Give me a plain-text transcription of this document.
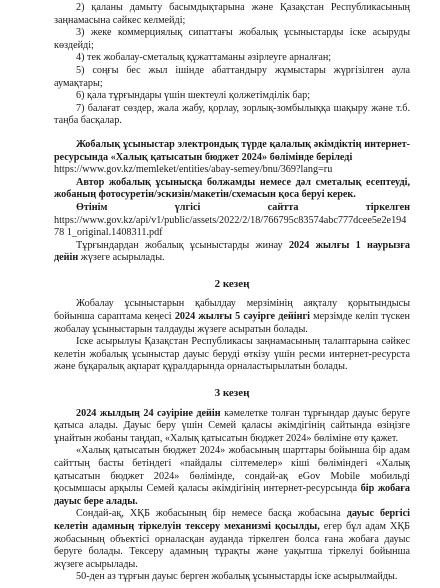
2) қаланы дамыту басымдықтарына және Қазақстан Республикасының заңнамасына сәйкес келмейді;

3) жеке коммерциялық сипаттағы жобалық ұсыныстарды іске асыруды көздейді;

4) тек жобалау-сметалық құжаттаманы әзірлеуге арналған;

5) соңғы бес жыл ішінде абаттандыру жұмыстары жүргізілген аула аумақтары;

6) қала тұрғындары үшін шектеулі қолжетімділік бар;

7) балағат сөздер, жала жабу, қорлау, зорлық-зомбылыққа шақыру және т.б. таңба басқалар.

Жобалық ұсыныстар электрондық түрде қалалық әкімдіктің интернет-ресурсында «Халық қатысатын бюджет 2024» бөлімінде беріледі

https://www.gov.kz/memleket/entities/abay-semey/bnu/369?lang=ru

Автор жобалық ұсынысқа болжамды немесе дәл сметалық есептеуді, жобаның фотосуретін/эскизін/макетін/схемасын қоса беруі керек.

Өтінім	үлгісі	сайтта	тіркелген

https://www.gov.kz/api/v1/public/assets/2022/2/18/766795c83574abc777dcee5e2e19478 1_original.1408311.pdf

Тұрғындардан жобалық ұсыныстарды жинау 2024 жылғы 1 наурызға дейін жүзеге асырылады.

2 кезең

Жобалау ұсыныстарын қабылдау мерзімінің аяқталу қорытындысы бойынша сараптама кеңесі 2024 жылғы 5 сәуірге дейінгі мерзімде келіп түскен жобалау ұсыныстарын талдауды жүзеге асыратын болады.

Іске асырылуы Қазақстан Республикасы заңнамасының талаптарына сәйкес келетін жобалық ұсыныстар дауыс беруді өткізу үшін ресми интернет-ресурста және бұқаралық ақпарат құралдарында орналастырылатын болады.

3 кезең

2024 жылдың 24 сәуіріне дейін кәмелетке толған тұрғындар дауыс беруге қатыса алады. Дауыс беру үшін Семей қаласы әкімдігінің сайтында өзіңізге ұнайтын жобаны таңдап, «Халық қатысатын бюджет 2024» бөліміне өту қажет.

«Халық қатысатын бюджет 2024» жобасының шарттары бойынша бір адам сайттың басты бетіндегі «пайдалы сілтемелер» кіші бөліміндегі «Халық қатысатын бюджет 2024» бөлімінде, сондай-ақ eGov Mobile мобильді қосымшасы арқылы Семей қаласы әкімдігінің интернет-ресурсында бір жобаға дауыс бере алады.

Сондай-ақ, ХҚБ жобасының бір немесе басқа жобасына дауыс бергісі келетін адамның тіркелуін тексеру механизмі қосылды, егер бұл адам ХҚБ жобасының объектісі орналасқан ауданда тіркелген болса ғана жобаға дауыс беруге болады. Тексеру адамның тұрақты және уақытша тіркелуі бойынша жүзеге асырылады.

50-ден аз тұрғын дауыс берген жобалық ұсыныстарды іске асырылмайды.
